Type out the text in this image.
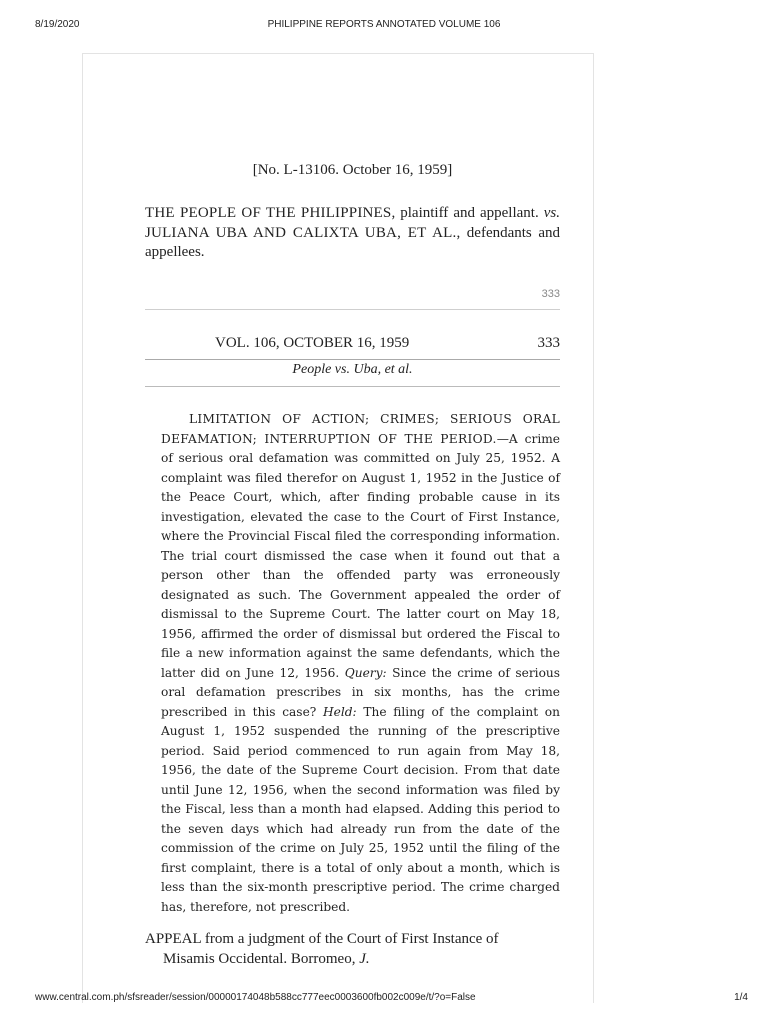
8/19/2020	PHILIPPINE REPORTS ANNOTATED VOLUME 106
[No. L-13106. October 16, 1959]
THE PEOPLE OF THE PHILIPPINES, plaintiff and appellant. vs. JULIANA UBA AND CALIXTA UBA, ET AL., defendants and appellees.
333
VOL. 106, OCTOBER 16, 1959	333
People vs. Uba, et al.

LIMITATION OF ACTION; CRIMES; SERIOUS ORAL DEFAMATION; INTERRUPTION OF THE PERIOD.—A crime of serious oral defamation was committed on July 25, 1952. A complaint was filed therefor on August 1, 1952 in the Justice of the Peace Court, which, after finding probable cause in its investigation, elevated the case to the Court of First Instance, where the Provincial Fiscal filed the corresponding information. The trial court dismissed the case when it found out that a person other than the offended party was erroneously designated as such. The Government appealed the order of dismissal to the Supreme Court. The latter court on May 18, 1956, affirmed the order of dismissal but ordered the Fiscal to file a new information against the same defendants, which the latter did on June 12, 1956. Query: Since the crime of serious oral defamation prescribes in six months, has the crime prescribed in this case? Held: The filing of the complaint on August 1, 1952 suspended the running of the prescriptive period. Said period commenced to run again from May 18, 1956, the date of the Supreme Court decision. From that date until June 12, 1956, when the second information was filed by the Fiscal, less than a month had elapsed. Adding this period to the seven days which had already run from the date of the commission of the crime on July 25, 1952 until the filing of the first complaint, there is a total of only about a month, which is less than the six-month prescriptive period. The crime charged has, therefore, not prescribed.

APPEAL from a judgment of the Court of First Instance of
Misamis Occidental. Borromeo, J.

www.central.com.ph/sfsreader/session/00000174048b588cc777eec0003600fb002c009e/t/?o=False	1/4
